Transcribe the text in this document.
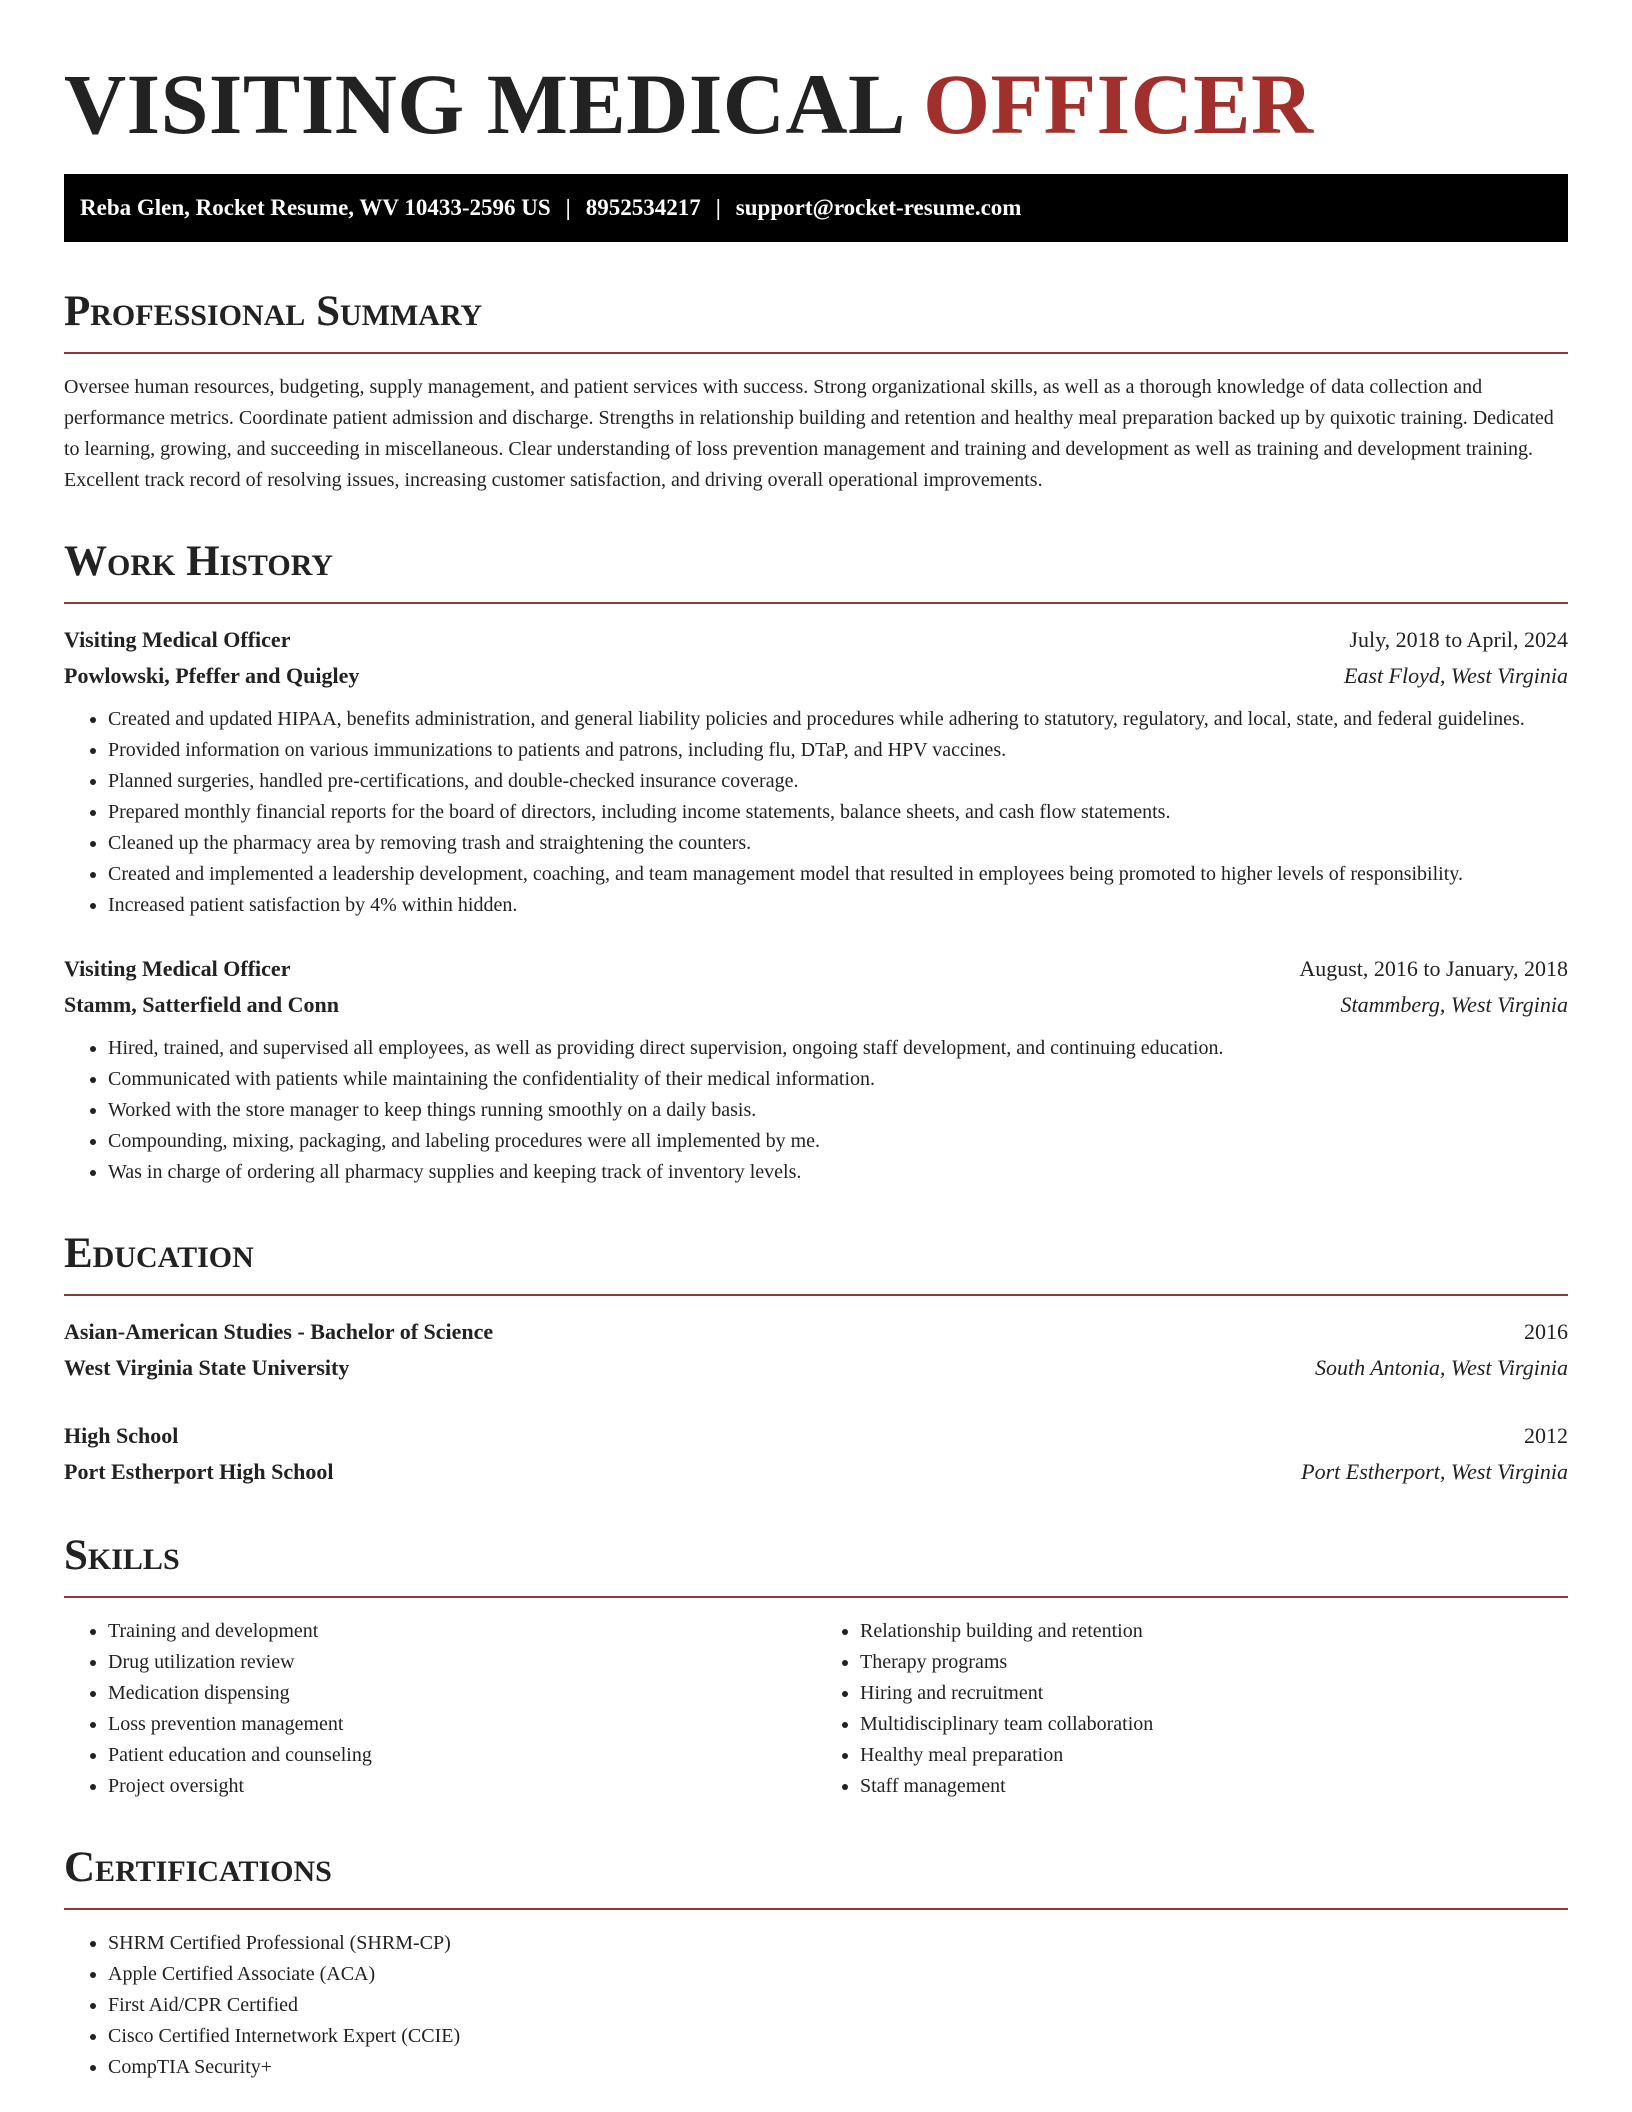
VISITING MEDICAL OFFICER
Reba Glen, Rocket Resume, WV 10433-2596 US | 8952534217 | support@rocket-resume.com
Professional Summary

Oversee human resources, budgeting, supply management, and patient services with success. Strong organizational skills, as well as a thorough knowledge of data collection and performance metrics. Coordinate patient admission and discharge. Strengths in relationship building and retention and healthy meal preparation backed up by quixotic training. Dedicated to learning, growing, and succeeding in miscellaneous. Clear understanding of loss prevention management and training and development as well as training and development training. Excellent track record of resolving issues, increasing customer satisfaction, and driving overall operational improvements.

Work History
Visiting Medical Officer	July, 2018 to April, 2024
Powlowski, Pfeffer and Quigley	East Floyd, West Virginia
• Created and updated HIPAA, benefits administration, and general liability policies and procedures while adhering to statutory, regulatory, and local, state, and federal guidelines.
• Provided information on various immunizations to patients and patrons, including flu, DTaP, and HPV vaccines.
• Planned surgeries, handled pre-certifications, and double-checked insurance coverage.
• Prepared monthly financial reports for the board of directors, including income statements, balance sheets, and cash flow statements.
• Cleaned up the pharmacy area by removing trash and straightening the counters.
• Created and implemented a leadership development, coaching, and team management model that resulted in employees being promoted to higher levels of responsibility.
• Increased patient satisfaction by 4% within hidden.
Visiting Medical Officer	August, 2016 to January, 2018
Stamm, Satterfield and Conn	Stammberg, West Virginia
• Hired, trained, and supervised all employees, as well as providing direct supervision, ongoing staff development, and continuing education.
• Communicated with patients while maintaining the confidentiality of their medical information.
• Worked with the store manager to keep things running smoothly on a daily basis.
• Compounding, mixing, packaging, and labeling procedures were all implemented by me.
• Was in charge of ordering all pharmacy supplies and keeping track of inventory levels.
Education
Asian-American Studies - Bachelor of Science	2016
West Virginia State University	South Antonia, West Virginia
High School	2012
Port Estherport High School	Port Estherport, West Virginia
Skills
• Training and development
• Drug utilization review
• Medication dispensing
• Loss prevention management
• Patient education and counseling
• Project oversight
• Relationship building and retention
• Therapy programs
• Hiring and recruitment
• Multidisciplinary team collaboration
• Healthy meal preparation
• Staff management
Certifications
• SHRM Certified Professional (SHRM-CP)
• Apple Certified Associate (ACA)
• First Aid/CPR Certified
• Cisco Certified Internetwork Expert (CCIE)
• CompTIA Security+
